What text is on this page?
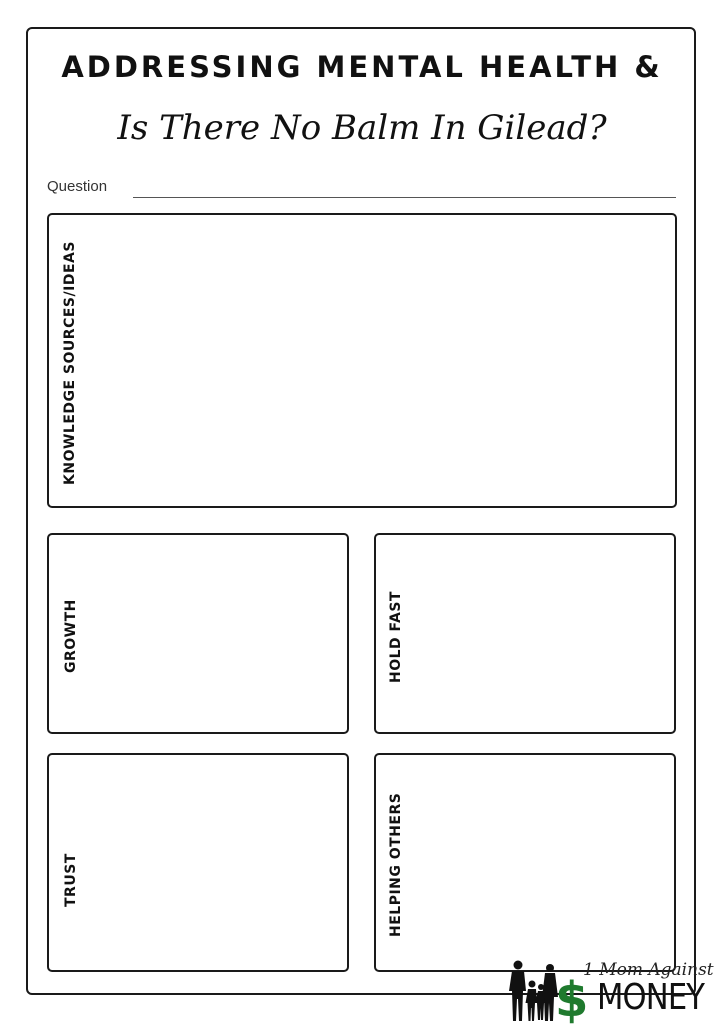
ADDRESSING MENTAL HEALTH &
Is There No Balm In Gilead?
Question
KNOWLEDGE SOURCES/IDEAS
GROWTH	HOLD FAST
TRUST	HELPING OTHERS
$
1 Mom Against
MONEY
